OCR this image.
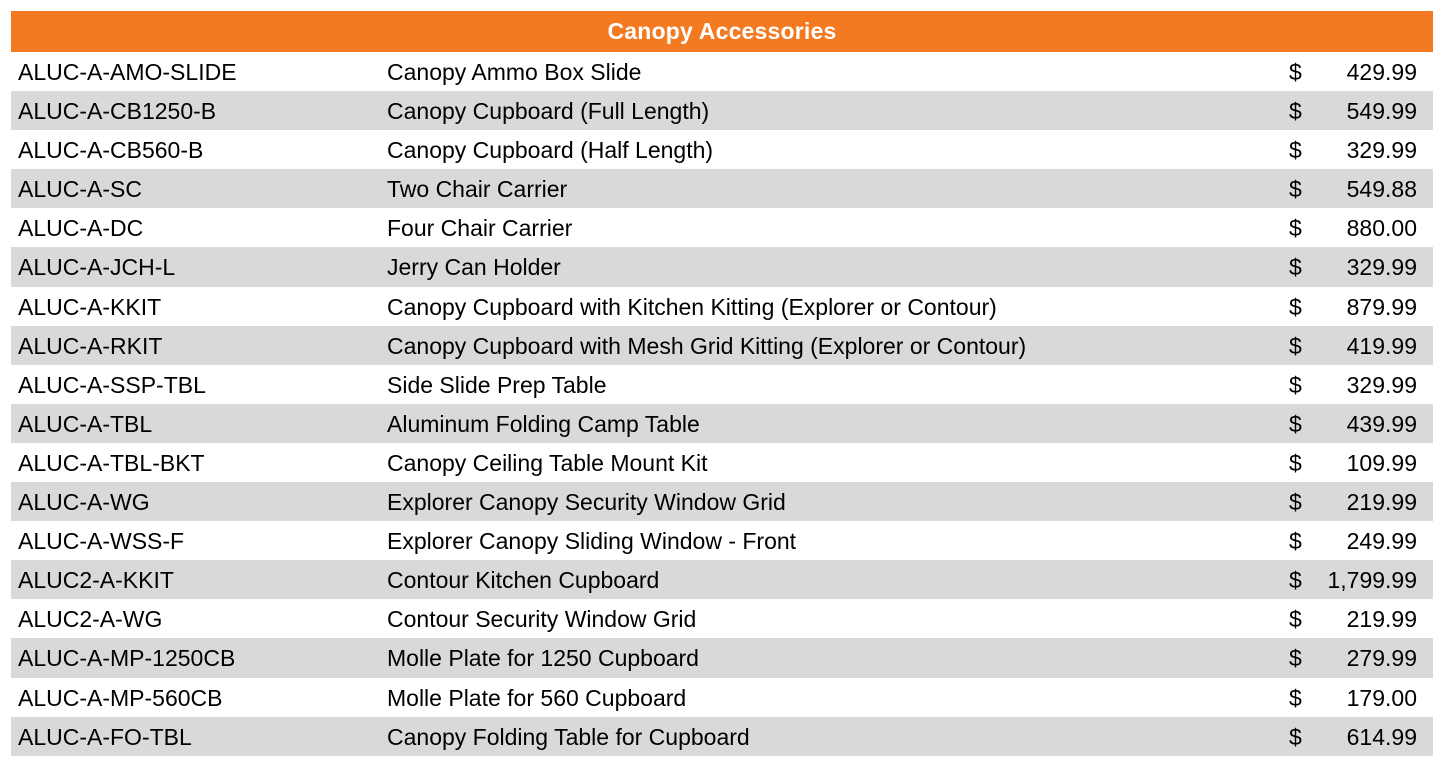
Canopy Accessories
ALUC-A-AMO-SLIDE	Canopy Ammo Box Slide	$ 429.99
ALUC-A-CB1250-B	Canopy Cupboard (Full Length)	$ 549.99
ALUC-A-CB560-B	Canopy Cupboard (Half Length)	$ 329.99
ALUC-A-SC	Two Chair Carrier	$ 549.88
ALUC-A-DC	Four Chair Carrier	$ 880.00
ALUC-A-JCH-L	Jerry Can Holder	$ 329.99
ALUC-A-KKIT	Canopy Cupboard with Kitchen Kitting (Explorer or Contour)	$ 879.99
ALUC-A-RKIT	Canopy Cupboard with Mesh Grid Kitting (Explorer or Contour)	$ 419.99
ALUC-A-SSP-TBL	Side Slide Prep Table	$ 329.99
ALUC-A-TBL	Aluminum Folding Camp Table	$ 439.99
ALUC-A-TBL-BKT	Canopy Ceiling Table Mount Kit	$ 109.99
ALUC-A-WG	Explorer Canopy Security Window Grid	$ 219.99
ALUC-A-WSS-F	Explorer Canopy Sliding Window - Front	$ 249.99
ALUC2-A-KKIT	Contour Kitchen Cupboard	$ 1,799.99
ALUC2-A-WG	Contour Security Window Grid	$ 219.99
ALUC-A-MP-1250CB	Molle Plate for 1250 Cupboard	$ 279.99
ALUC-A-MP-560CB	Molle Plate for 560 Cupboard	$ 179.00
ALUC-A-FO-TBL	Canopy Folding Table for Cupboard	$ 614.99
